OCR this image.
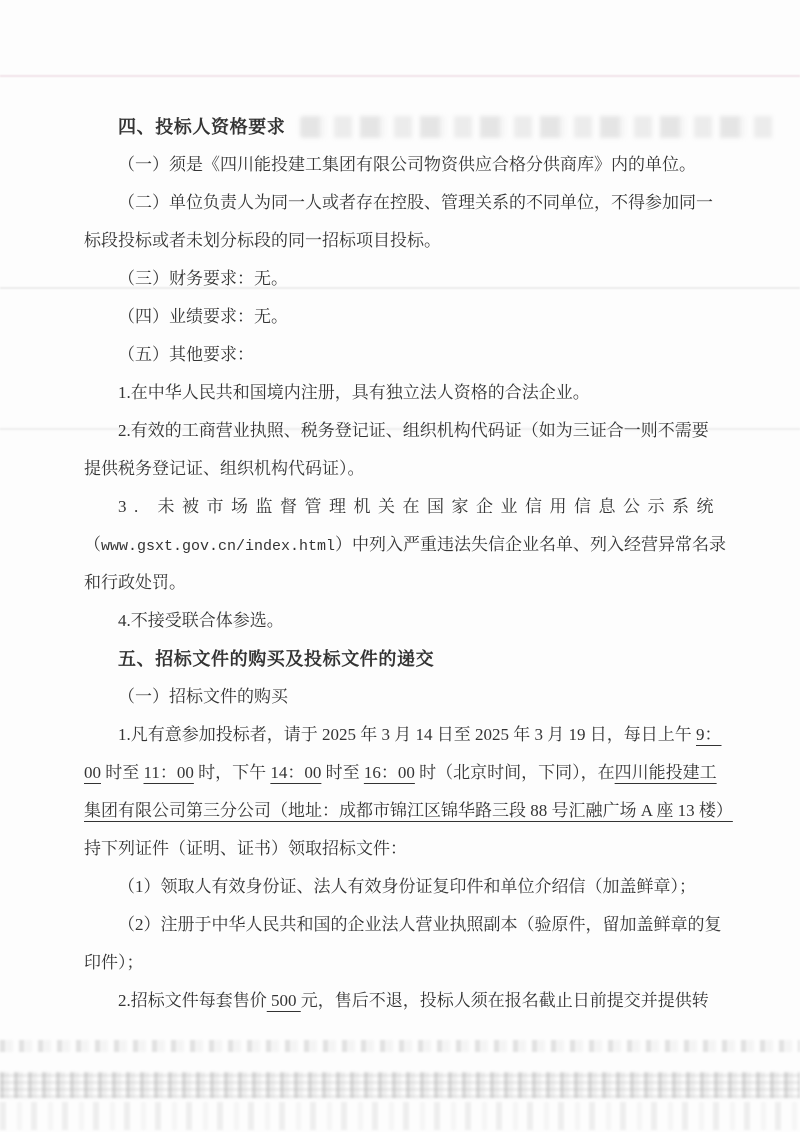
四、投标人资格要求
（一）须是《四川能投建工集团有限公司物资供应合格分供商库》内的单位。
（二）单位负责人为同一人或者存在控股、管理关系的不同单位，不得参加同一
标段投标或者未划分标段的同一招标项目投标。
（三）财务要求：无。
（四）业绩要求：无。
（五）其他要求：
1.在中华人民共和国境内注册，具有独立法人资格的合法企业。
2.有效的工商营业执照、税务登记证、组织机构代码证（如为三证合一则不需要
提供税务登记证、组织机构代码证）。
3. 未被市场监督管理机关在国家企业信用信息公示系统
（www.gsxt.gov.cn/index.html）中列入严重违法失信企业名单、列入经营异常名录
和行政处罚。
4.不接受联合体参选。
五、招标文件的购买及投标文件的递交
（一）招标文件的购买
1.凡有意参加投标者，请于 2025 年 3 月 14 日至 2025 年 3 月 19 日，每日上午 9：
00 时至 11：00 时，下午 14：00 时至 16：00 时（北京时间，下同），在四川能投建工
集团有限公司第三分公司（地址：成都市锦江区锦华路三段 88 号汇融广场 A 座 13 楼）
持下列证件（证明、证书）领取招标文件：
（1）领取人有效身份证、法人有效身份证复印件和单位介绍信（加盖鲜章）；
（2）注册于中华人民共和国的企业法人营业执照副本（验原件，留加盖鲜章的复
印件）；
2.招标文件每套售价 500 元，售后不退，投标人须在报名截止日前提交并提供转
